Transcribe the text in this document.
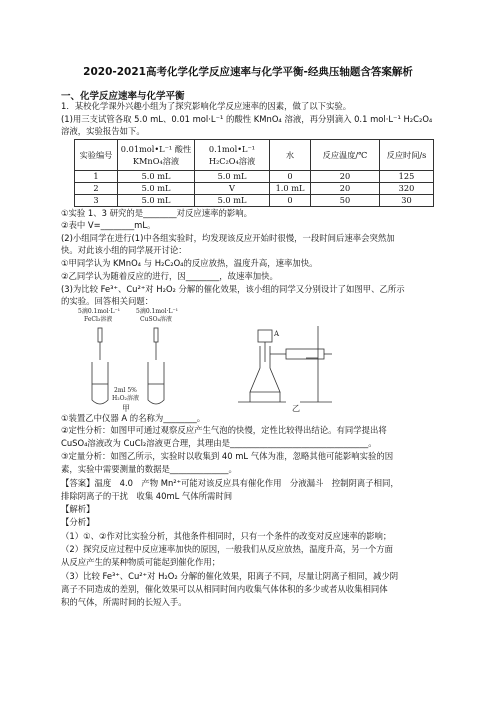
2020-2021高考化学化学反应速率与化学平衡-经典压轴题含答案解析
一、化学反应速率与化学平衡
1．某校化学课外兴趣小组为了探究影响化学反应速率的因素，做了以下实验。
(1)用三支试管各取 5.0 mL、0.01 mol·L⁻¹ 的酸性 KMnO₄ 溶液，再分别滴入 0.1 mol·L⁻¹ H₂C₂O₄
溶液，实验报告如下。
实验编号	0.01mol•L⁻¹ 酸性KMnO₄溶液	0.1mol•L⁻¹ H₂C₂O₄溶液	水	反应温度/℃	反应时间/s
1	5.0 mL	5.0 mL	0	20	125
2	5.0 mL	V	1.0 mL	20	320
3	5.0 mL	5.0 mL	0	50	30
①实验 1、3 研究的是________对反应速率的影响。
②表中 V=________mL。
(2)小组同学在进行(1)中各组实验时，均发现该反应开始时很慢，一段时间后速率会突然加
快。对此该小组的同学展开讨论：
①甲同学认为 KMnO₄ 与 H₂C₂O₄的反应放热，温度升高，速率加快。
②乙同学认为随着反应的进行，因________，故速率加快。
(3)为比较 Fe³⁺、Cu²⁺对 H₂O₂ 分解的催化效果，该小组的同学又分别设计了如图甲、乙所示
的实验。回答相关问题：
5滴0.1mol·L⁻¹
FeCl₃溶液
5滴0.1mol·L⁻¹
CuSO₄溶液
2ml 5%
H₂O₂溶液
甲	乙
A
①装置乙中仪器 A 的名称为________。
②定性分析：如图甲可通过观察反应产生气泡的快慢，定性比较得出结论。有同学提出将
CuSO₄溶液改为 CuCl₂溶液更合理，其理由是_________________________________。
③定量分析：如图乙所示，实验时以收集到 40 mL 气体为准，忽略其他可能影响实验的因
素，实验中需要测量的数据是______________。
【答案】温度　4.0　产物 Mn²⁺可能对该反应具有催化作用　分液漏斗　控制阴离子相同，
排除阴离子的干扰　收集 40mL 气体所需时间
【解析】
【分析】
（1）①、②作对比实验分析，其他条件相同时，只有一个条件的改变对反应速率的影响；
（2）探究反应过程中反应速率加快的原因，一般我们从反应放热，温度升高，另一个方面
从反应产生的某种物质可能起到催化作用；
（3）比较 Fe³⁺、Cu²⁺对 H₂O₂ 分解的催化效果，阳离子不同，尽量让阴离子相同，减少阴
离子不同造成的差别，催化效果可以从相同时间内收集气体体积的多少或者从收集相同体
积的气体，所需时间的长短入手。
